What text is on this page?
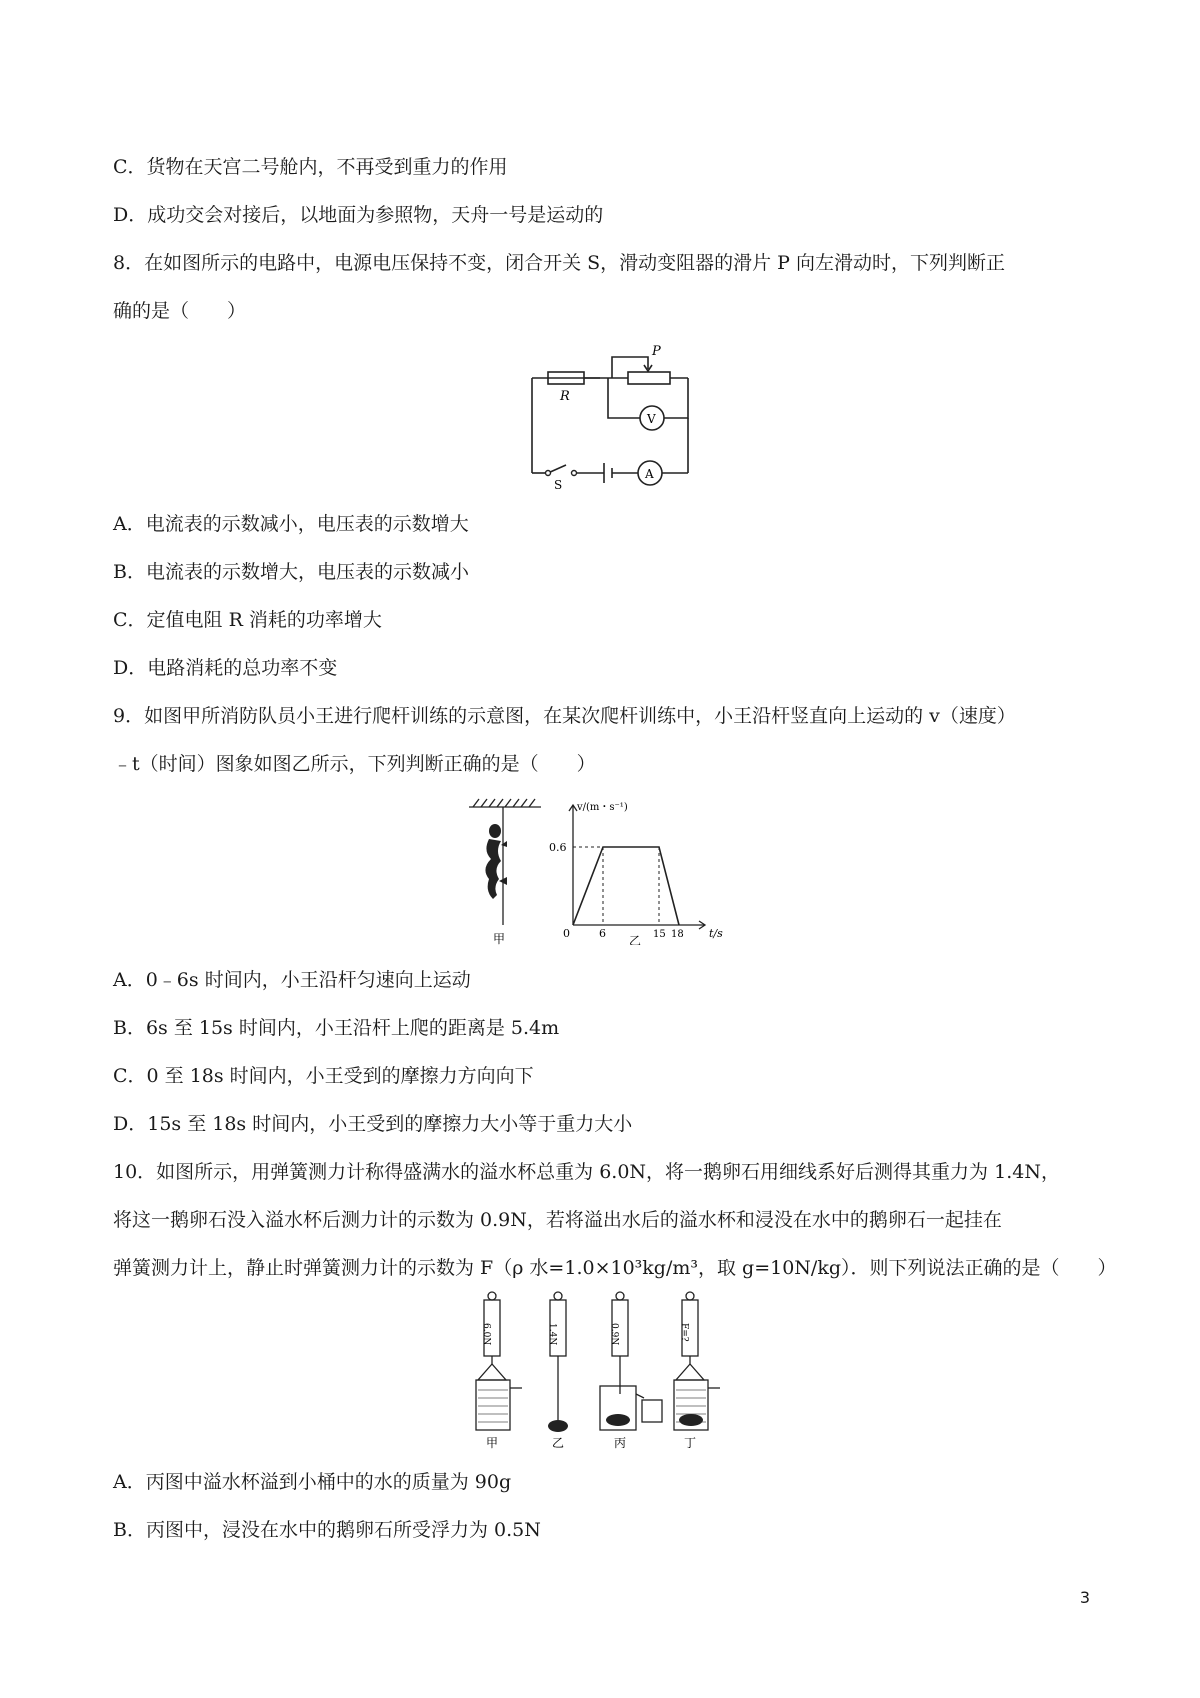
C．货物在天宫二号舱内，不再受到重力的作用
D．成功交会对接后，以地面为参照物，天舟一号是运动的
8．在如图所示的电路中，电源电压保持不变，闭合开关 S，滑动变阻器的滑片 P 向左滑动时，下列判断正
确的是（　　）
R
P
V
A
S
A．电流表的示数减小，电压表的示数增大
B．电流表的示数增大，电压表的示数减小
C．定值电阻 R 消耗的功率增大
D．电路消耗的总功率不变
9．如图甲所消防队员小王进行爬杆训练的示意图，在某次爬杆训练中，小王沿杆竖直向上运动的 v（速度）
﹣t（时间）图象如图乙所示，下列判断正确的是（　　）
v/(m・s⁻¹)
0.6
0	6	15 18 t/s
甲	乙
A．0﹣6s 时间内，小王沿杆匀速向上运动
B．6s 至 15s 时间内，小王沿杆上爬的距离是 5.4m
C．0 至 18s 时间内，小王受到的摩擦力方向向下
D．15s 至 18s 时间内，小王受到的摩擦力大小等于重力大小
10．如图所示，用弹簧测力计称得盛满水的溢水杯总重为 6.0N，将一鹅卵石用细线系好后测得其重力为 1.4N，
将这一鹅卵石没入溢水杯后测力计的示数为 0.9N，若将溢出水后的溢水杯和浸没在水中的鹅卵石一起挂在
弹簧测力计上，静止时弹簧测力计的示数为 F（ρ 水=1.0×10³kg/m³，取 g=10N/kg）．则下列说法正确的是（　　）
6.0N	1.4N	0.9N	F=?
甲	乙	丙	丁
A．丙图中溢水杯溢到小桶中的水的质量为 90g
B．丙图中，浸没在水中的鹅卵石所受浮力为 0.5N
3
